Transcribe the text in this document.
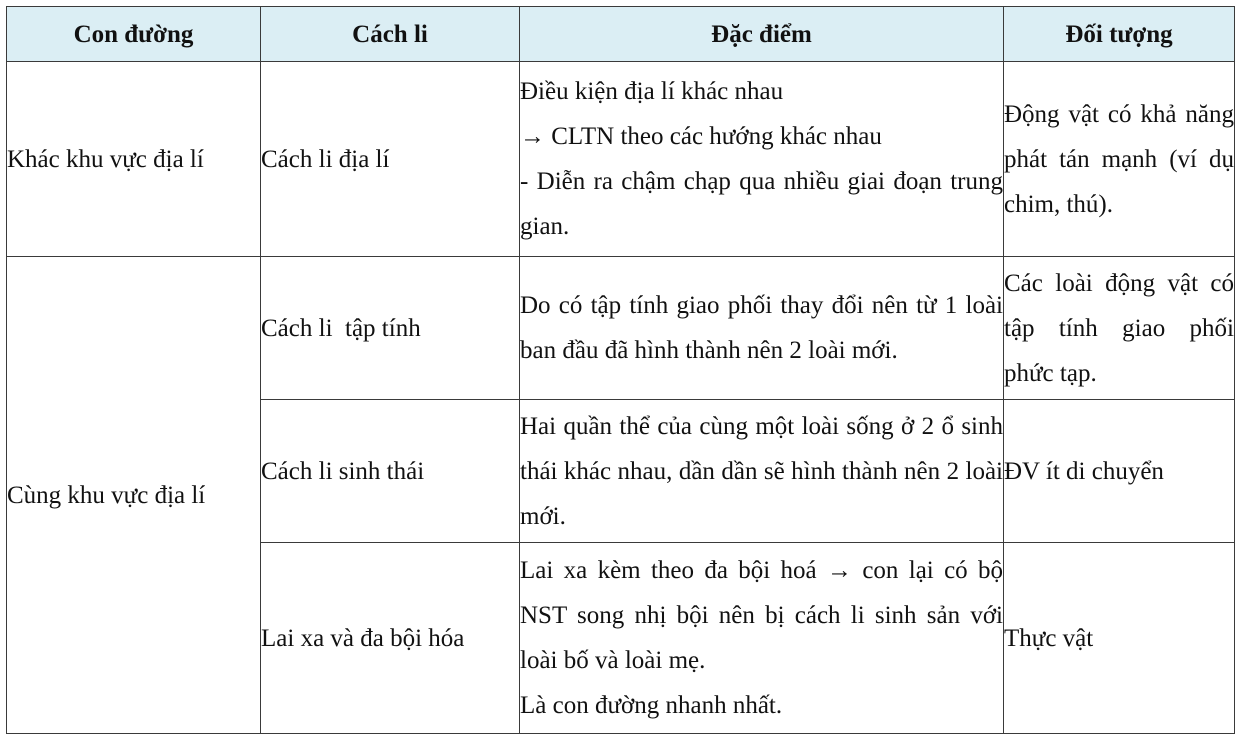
Con đường	Cách li	Đặc điểm	Đối tượng
Khác khu vực địa lí	Cách li địa lí	Điều kiện địa lí khác nhau
→ CLTN theo các hướng khác nhau
- Diễn ra chậm chạp qua nhiều giai đoạn trung gian.	Động vật có khả năng phát tán mạnh (ví dụ chim, thú).

Cùng khu vực địa lí	Cách li  tập tính	Do có tập tính giao phối thay đổi nên từ 1 loài ban đầu đã hình thành nên 2 loài mới.	Các loài động vật có tập tính giao phối phức tạp.

	Cách li sinh thái	Hai quần thể của cùng một loài sống ở 2 ổ sinh thái khác nhau, dần dần sẽ hình thành nên 2 loài mới.	ĐV ít di chuyển

	Lai xa và đa bội hóa	Lai xa kèm theo đa bội hoá → con lại có bộ NST song nhị bội nên bị cách li sinh sản với loài bố và loài mẹ.
Là con đường nhanh nhất.	Thực vật
